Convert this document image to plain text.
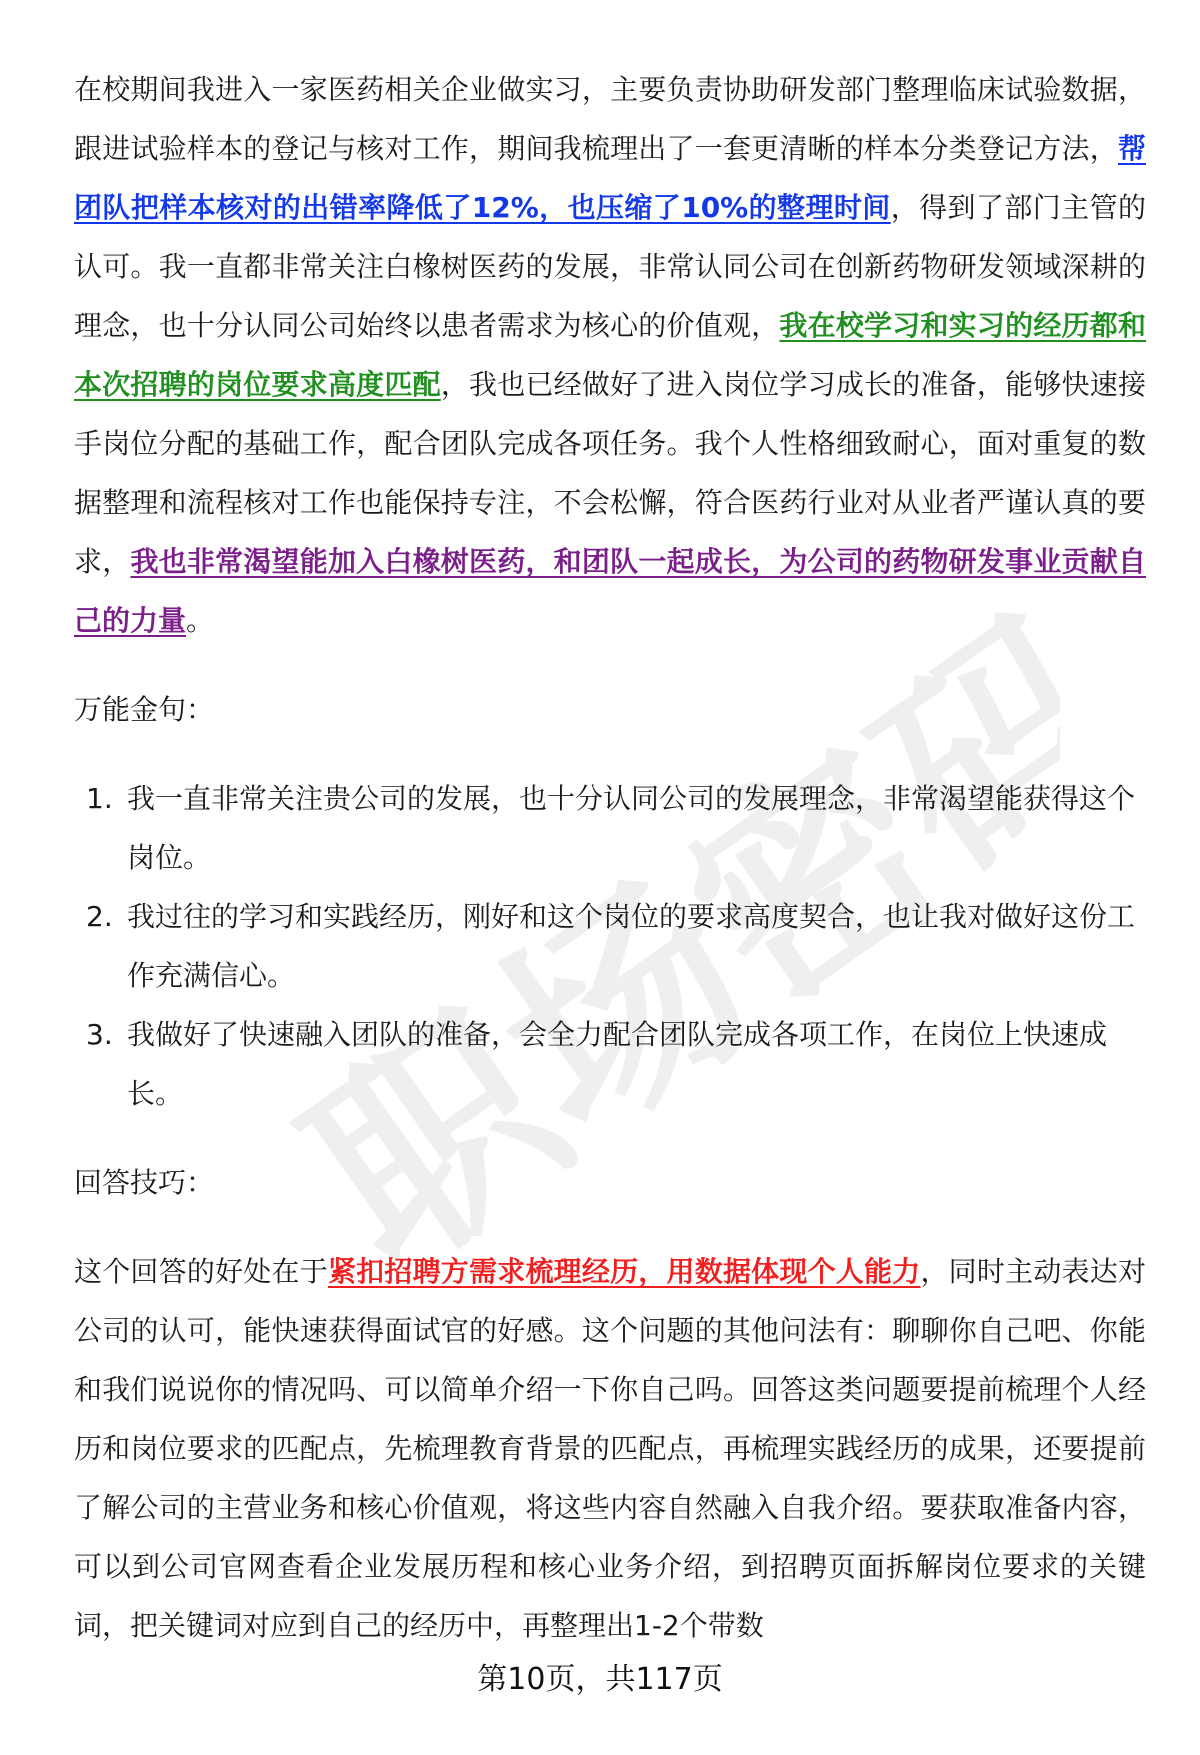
职场密码

在校期间我进入一家医药相关企业做实习，主要负责协助研发部门整理临床试验数据，跟进试验样本的登记与核对工作，期间我梳理出了一套更清晰的样本分类登记方法，帮团队把样本核对的出错率降低了12%，也压缩了10%的整理时间，得到了部门主管的认可。我一直都非常关注白橡树医药的发展，非常认同公司在创新药物研发领域深耕的理念，也十分认同公司始终以患者需求为核心的价值观，我在校学习和实习的经历都和本次招聘的岗位要求高度匹配，我也已经做好了进入岗位学习成长的准备，能够快速接手岗位分配的基础工作，配合团队完成各项任务。我个人性格细致耐心，面对重复的数据整理和流程核对工作也能保持专注，不会松懈，符合医药行业对从业者严谨认真的要求，我也非常渴望能加入白橡树医药，和团队一起成长，为公司的药物研发事业贡献自己的力量。

万能金句：

1. 我一直非常关注贵公司的发展，也十分认同公司的发展理念，非常渴望能获得这个岗位。
2. 我过往的学习和实践经历，刚好和这个岗位的要求高度契合，也让我对做好这份工作充满信心。
3. 我做好了快速融入团队的准备，会全力配合团队完成各项工作，在岗位上快速成长。

回答技巧：

这个回答的好处在于紧扣招聘方需求梳理经历，用数据体现个人能力，同时主动表达对公司的认可，能快速获得面试官的好感。这个问题的其他问法有：聊聊你自己吧、你能和我们说说你的情况吗、可以简单介绍一下你自己吗。回答这类问题要提前梳理个人经历和岗位要求的匹配点，先梳理教育背景的匹配点，再梳理实践经历的成果，还要提前了解公司的主营业务和核心价值观，将这些内容自然融入自我介绍。要获取准备内容，可以到公司官网查看企业发展历程和核心业务介绍，到招聘页面拆解岗位要求的关键词，把关键词对应到自己的经历中，再整理出1-2个带数

第10页，共117页
